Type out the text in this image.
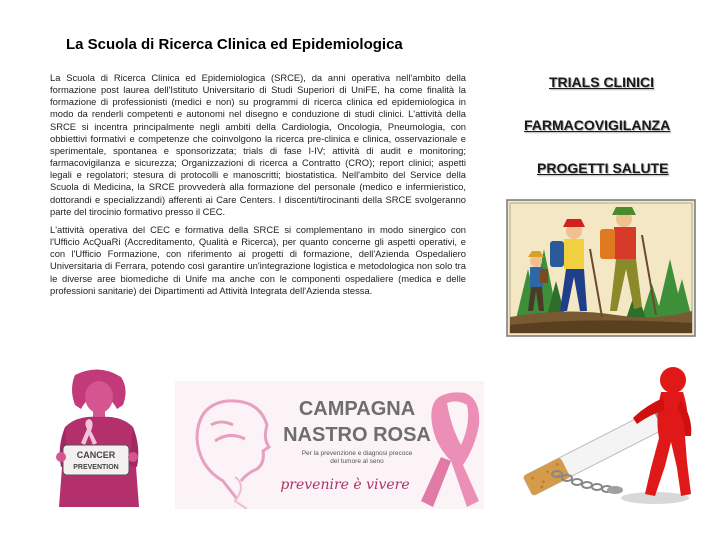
La Scuola di Ricerca Clinica ed Epidemiologica

La Scuola di Ricerca Clinica ed Epidemiologica (SRCE), da anni operativa nell'ambito della formazione post laurea dell'Istituto Universitario di Studi Superiori di UniFE, ha come finalità la formazione di professionisti (medici e non) su programmi di ricerca clinica ed epidemiologica in modo da renderli competenti e autonomi nel disegno e conduzione di studi clinici. L'attività della SRCE si incentra principalmente negli ambiti della Cardiologia, Oncologia, Pneumologia, con obbiettivi formativi e competenze che coinvolgono la ricerca pre-clinica e clinica, osservazionale e sperimentale, spontanea e sponsorizzata; trials di fase I-IV; attività di audit e monitoring; farmacovigilanza e sicurezza; Organizzazioni di ricerca a Contratto (CRO); report clinici; aspetti legali e regolatori; stesura di protocolli e manoscritti; biostatistica. Nell'ambito del Service della Scuola di Medicina, la SRCE provvederà alla formazione del personale (medico e infermieristico, dottorandi e specializzandi) afferenti ai Care Centers. I discenti/tirocinanti della SRCE svolgeranno parte del tirocinio formativo presso il CEC.

L'attività operativa del CEC e formativa della SRCE si complementano in modo sinergico con l'Ufficio AcQuaRi (Accreditamento, Qualità e Ricerca), per quanto concerne gli aspetti operativi, e con l'Ufficio Formazione, con riferimento ai progetti di formazione, dell'Azienda Ospedaliero Universitaria di Ferrara, potendo così garantire un'integrazione logistica e metodologica non solo tra le diverse aree biomediche di Unife ma anche con le componenti ospedaliere (medica e delle professioni sanitarie) dei Dipartimenti ad Attività Integrata dell'Azienda stessa.

TRIALS CLINICI
FARMACOVIGILANZA
PROGETTI SALUTE
CANCER
PREVENTION
CAMPAGNA
NASTRO ROSA
Per la prevenzione e diagnosi precoce
del tumore al seno
prevenire è vivere
